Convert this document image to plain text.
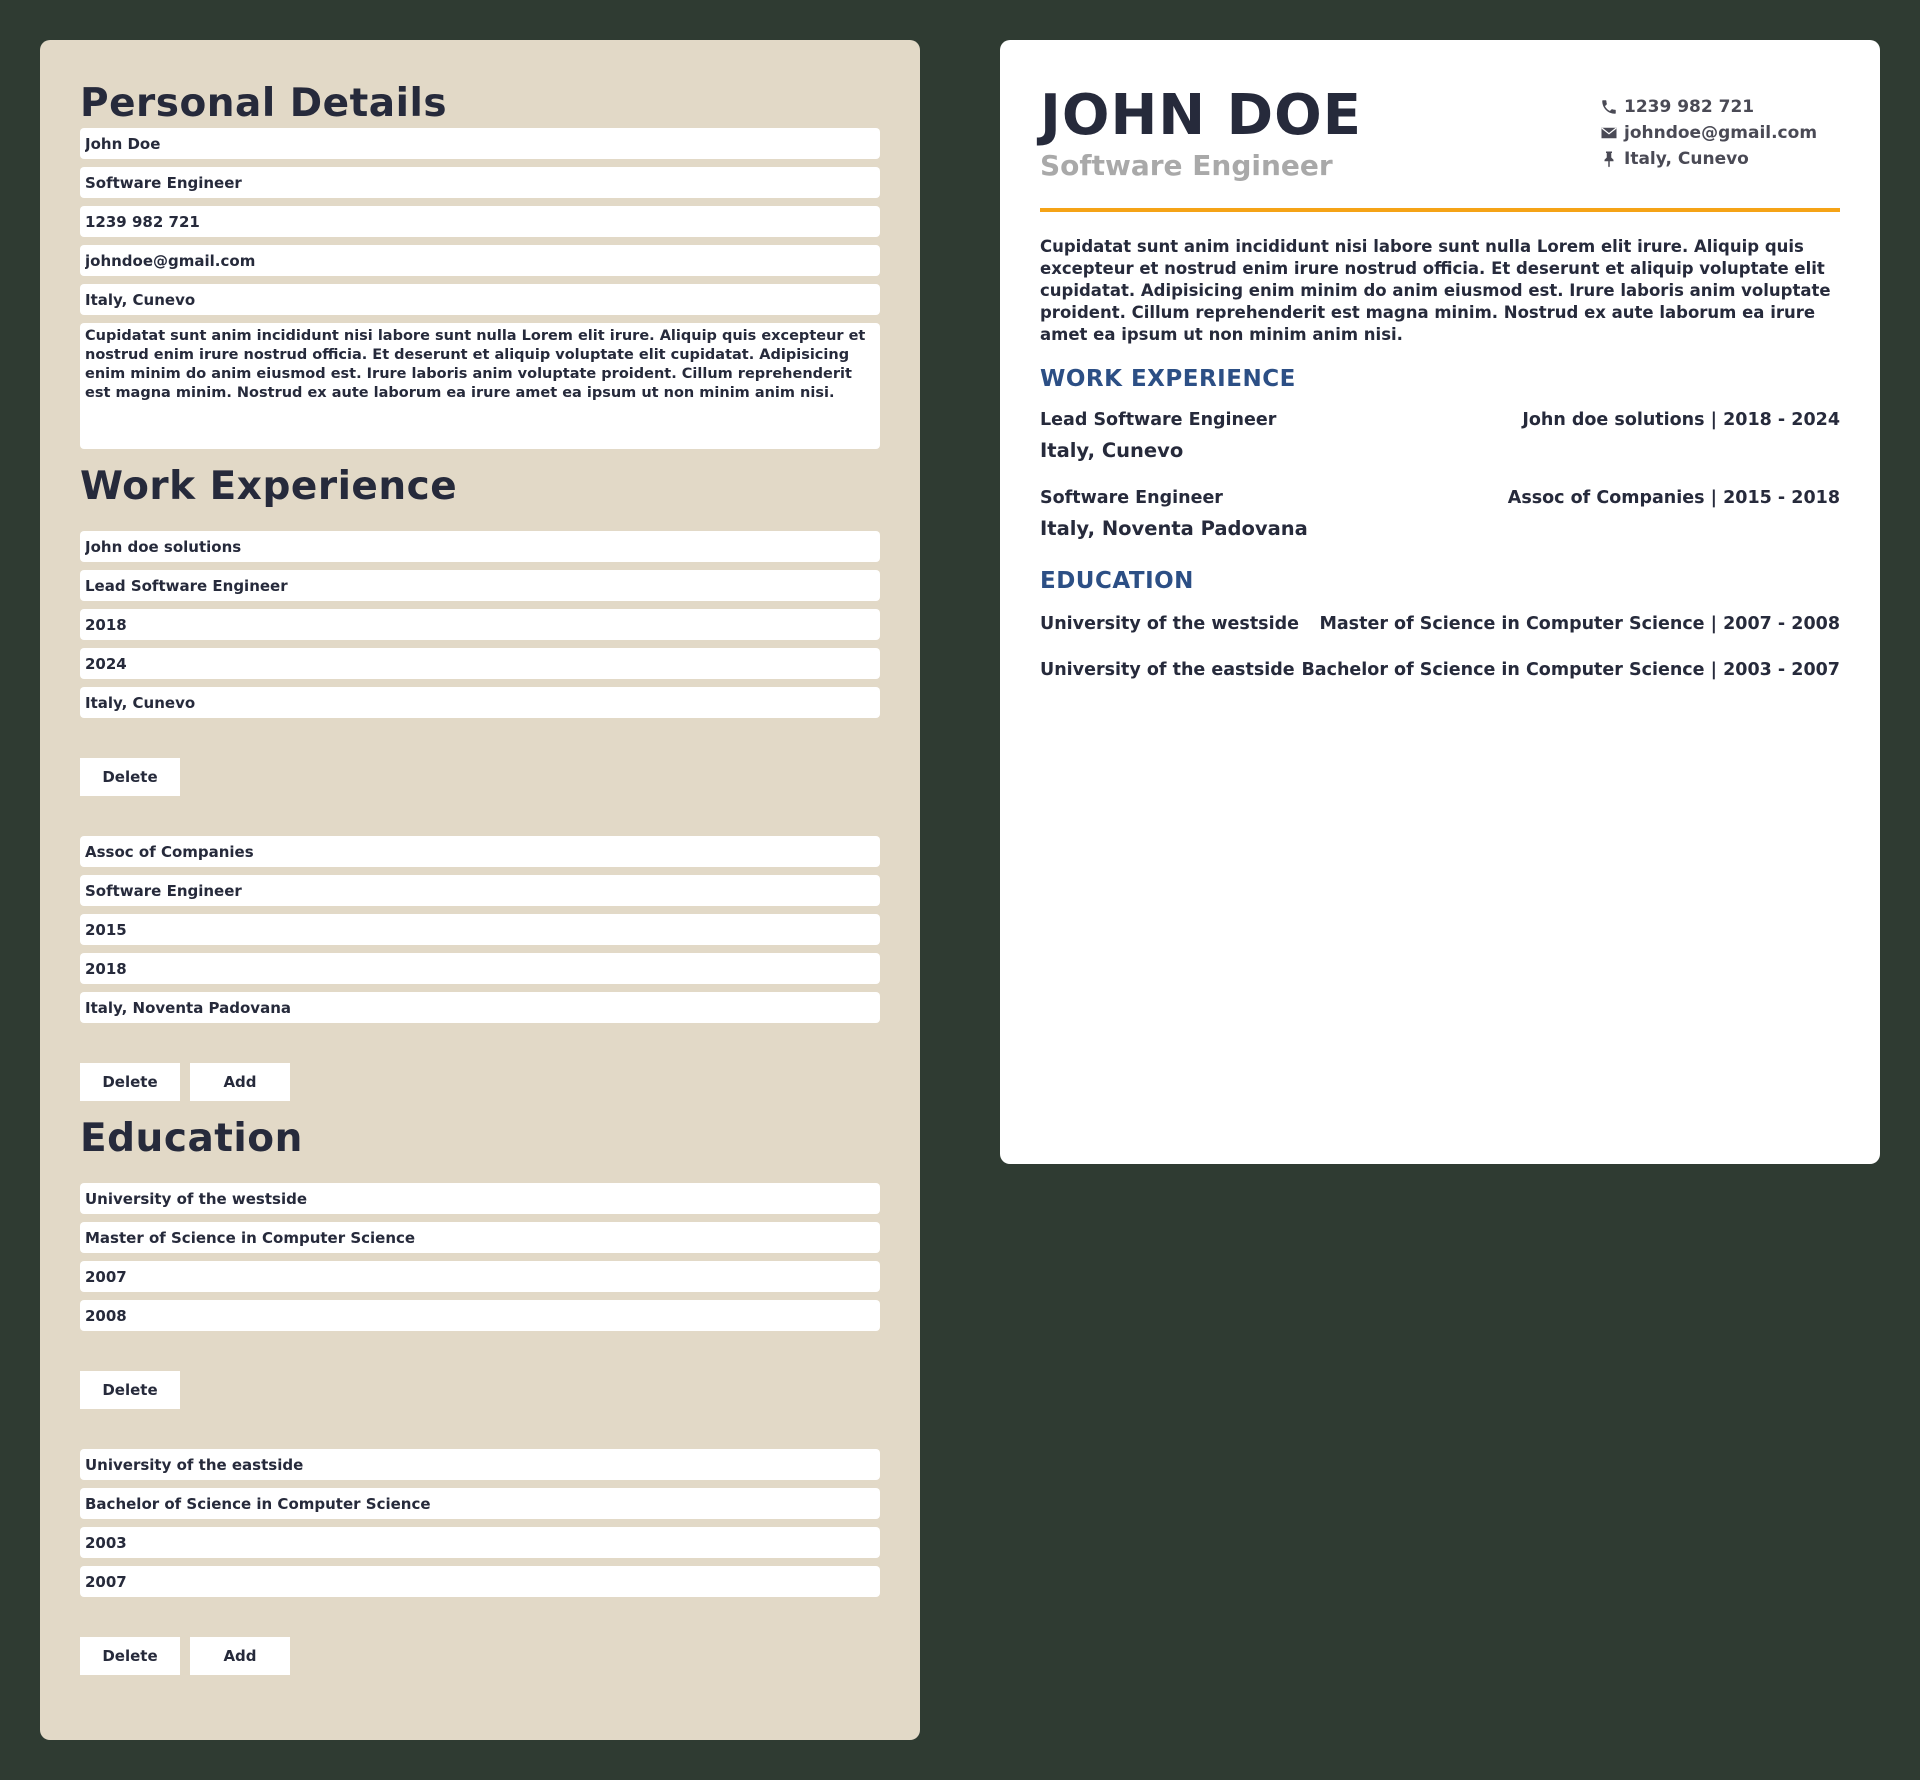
Personal Details
John Doe
Software Engineer
1239 982 721
johndoe@gmail.com
Italy, Cunevo
Cupidatat sunt anim incididunt nisi labore sunt nulla Lorem elit irure. Aliquip quis excepteur et nostrud enim irure nostrud officia. Et deserunt et aliquip voluptate elit cupidatat. Adipisicing enim minim do anim eiusmod est. Irure laboris anim voluptate proident. Cillum reprehenderit est magna minim. Nostrud ex aute laborum ea irure amet ea ipsum ut non minim anim nisi.
Work Experience
John doe solutions
Lead Software Engineer
2018
2024
Italy, Cunevo
Delete
Assoc of Companies
Software Engineer
2015
2018
Italy, Noventa Padovana
Delete	Add
Education
University of the westside
Master of Science in Computer Science
2007
2008
Delete
University of the eastside
Bachelor of Science in Computer Science
2003
2007
Delete	Add
JOHN DOE
Software Engineer
1239 982 721
johndoe@gmail.com
Italy, Cunevo

Cupidatat sunt anim incididunt nisi labore sunt nulla Lorem elit irure. Aliquip quis excepteur et nostrud enim irure nostrud officia. Et deserunt et aliquip voluptate elit cupidatat. Adipisicing enim minim do anim eiusmod est. Irure laboris anim voluptate proident. Cillum reprehenderit est magna minim. Nostrud ex aute laborum ea irure amet ea ipsum ut non minim anim nisi.

WORK EXPERIENCE
Lead Software Engineer	John doe solutions | 2018 - 2024
Italy, Cunevo
Software Engineer	Assoc of Companies | 2015 - 2018
Italy, Noventa Padovana
EDUCATION
University of the westside Master of Science in Computer Science | 2007 - 2008
University of the eastside Bachelor of Science in Computer Science | 2003 - 2007
